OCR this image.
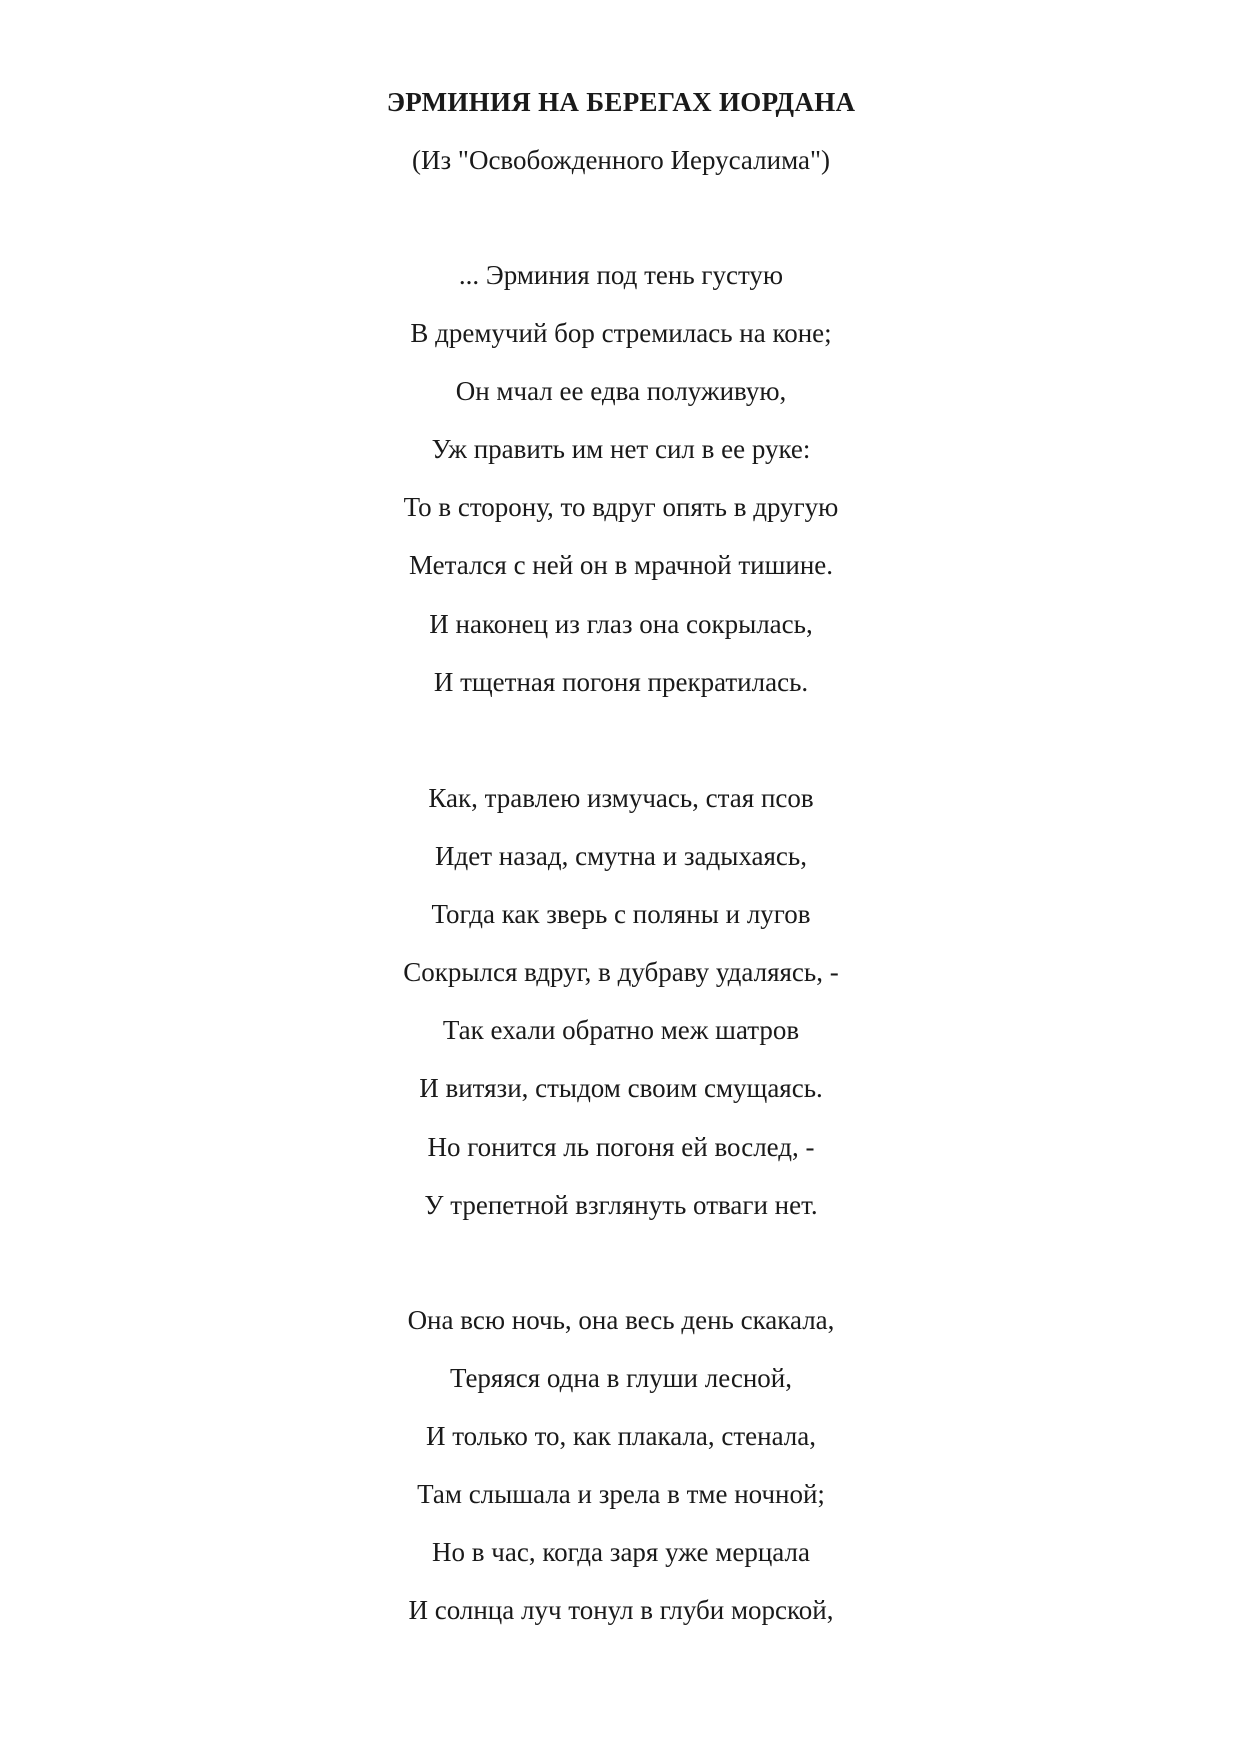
ЭРМИНИЯ НА БЕРЕГАХ ИОРДАНА

(Из "Освобожденного Иерусалима")

... Эрминия под тень густую
В дремучий бор стремилась на коне;
Он мчал ее едва полуживую,
Уж править им нет сил в ее руке:
То в сторону, то вдруг опять в другую
Метался с ней он в мрачной тишине.
И наконец из глаз она сокрылась,
И тщетная погоня прекратилась.
Как, травлею измучась, стая псов
Идет назад, смутна и задыхаясь,
Тогда как зверь с поляны и лугов
Сокрылся вдруг, в дубраву удаляясь, -
Так ехали обратно меж шатров
И витязи, стыдом своим смущаясь.
Но гонится ль погоня ей вослед, -
У трепетной взглянуть отваги нет.
Она всю ночь, она весь день скакала,
Теряяся одна в глуши лесной,
И только то, как плакала, стенала,
Там слышала и зрела в тме ночной;
Но в час, когда заря уже мерцала
И солнца луч тонул в глуби морской,
